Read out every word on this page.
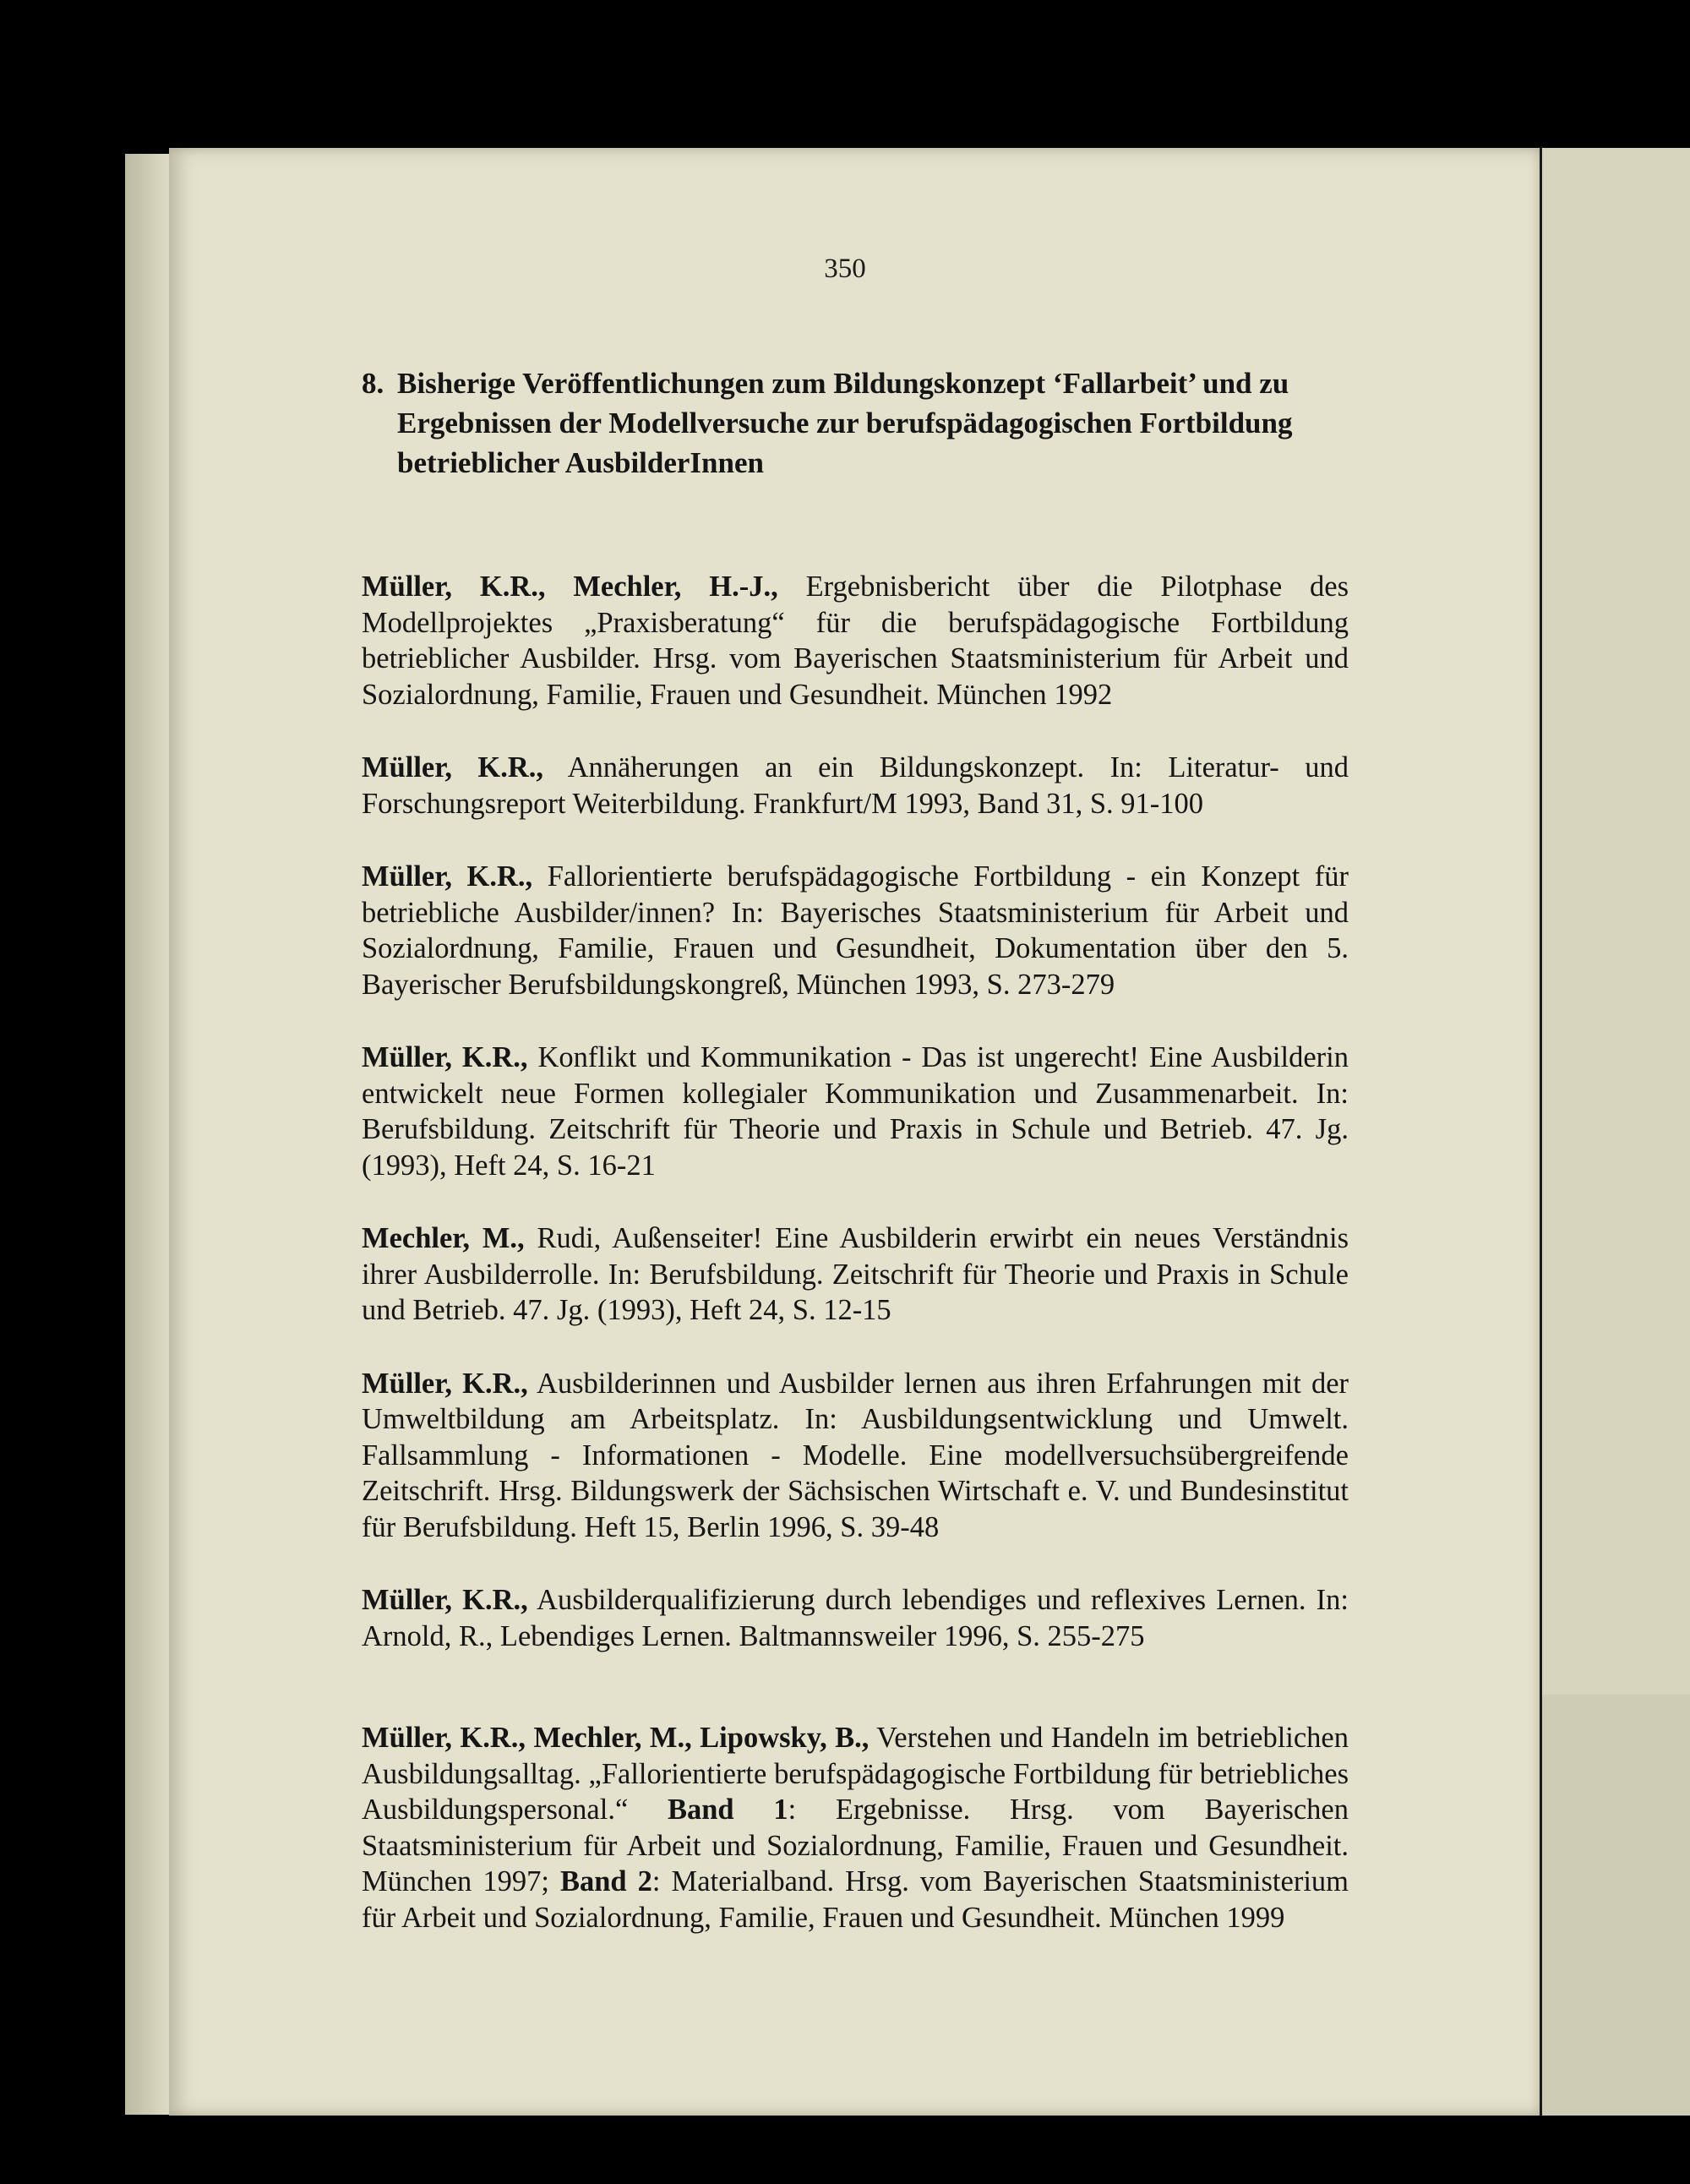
350
8. Bisherige Veröffentlichungen zum Bildungskonzept ‘Fallarbeit’ und zu Ergebnissen der Modellversuche zur berufspädagogischen Fortbildung betrieblicher AusbilderInnen

Müller, K.R., Mechler, H.-J., Ergebnisbericht über die Pilotphase des Modellprojektes „Praxisberatung“ für die berufspädagogische Fortbildung betrieblicher Ausbilder. Hrsg. vom Bayerischen Staatsministerium für Arbeit und Sozialordnung, Familie, Frauen und Gesundheit. München 1992

Müller, K.R., Annäherungen an ein Bildungskonzept. In: Literatur- und Forschungsreport Weiterbildung. Frankfurt/M 1993, Band 31, S. 91-100

Müller, K.R., Fallorientierte berufspädagogische Fortbildung - ein Konzept für betriebliche Ausbilder/innen? In: Bayerisches Staatsministerium für Arbeit und Sozialordnung, Familie, Frauen und Gesundheit, Dokumentation über den 5. Bayerischer Berufsbildungskongreß, München 1993, S. 273-279

Müller, K.R., Konflikt und Kommunikation - Das ist ungerecht! Eine Ausbilderin entwickelt neue Formen kollegialer Kommunikation und Zusammenarbeit. In: Berufsbildung. Zeitschrift für Theorie und Praxis in Schule und Betrieb. 47. Jg. (1993), Heft 24, S. 16-21

Mechler, M., Rudi, Außenseiter! Eine Ausbilderin erwirbt ein neues Verständnis ihrer Ausbilderrolle. In: Berufsbildung. Zeitschrift für Theorie und Praxis in Schule und Betrieb. 47. Jg. (1993), Heft 24, S. 12-15

Müller, K.R., Ausbilderinnen und Ausbilder lernen aus ihren Erfahrungen mit der Umweltbildung am Arbeitsplatz. In: Ausbildungsentwicklung und Umwelt. Fallsammlung - Informationen - Modelle. Eine modellversuchsübergreifende Zeitschrift. Hrsg. Bildungswerk der Sächsischen Wirtschaft e. V. und Bundesinstitut für Berufsbildung. Heft 15, Berlin 1996, S. 39-48

Müller, K.R., Ausbilderqualifizierung durch lebendiges und reflexives Lernen. In: Arnold, R., Lebendiges Lernen. Baltmannsweiler 1996, S. 255-275

Müller, K.R., Mechler, M., Lipowsky, B., Verstehen und Handeln im betrieblichen Ausbildungsalltag. „Fallorientierte berufspädagogische Fortbildung für betriebliches Ausbildungspersonal.“ Band 1: Ergebnisse. Hrsg. vom Bayerischen Staatsministerium für Arbeit und Sozialordnung, Familie, Frauen und Gesundheit. München 1997; Band 2: Materialband. Hrsg. vom Bayerischen Staatsministerium für Arbeit und Sozialordnung, Familie, Frauen und Gesundheit. München 1999
